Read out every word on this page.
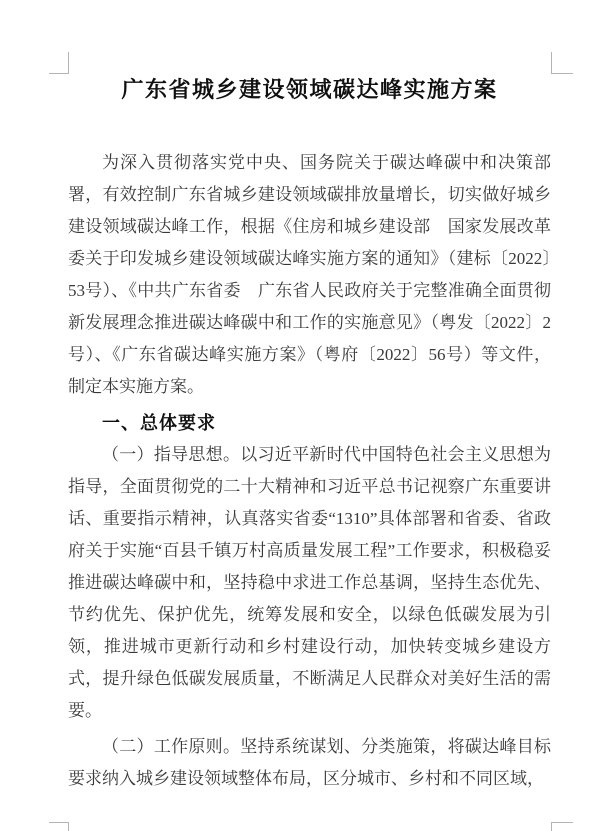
广东省城乡建设领域碳达峰实施方案

为深入贯彻落实党中央、国务院关于碳达峰碳中和决策部署，有效控制广东省城乡建设领域碳排放量增长，切实做好城乡建设领域碳达峰工作，根据《住房和城乡建设部　国家发展改革委关于印发城乡建设领域碳达峰实施方案的通知》（建标〔2022〕53号）、《中共广东省委　广东省人民政府关于完整准确全面贯彻新发展理念推进碳达峰碳中和工作的实施意见》（粤发〔2022〕2号）、《广东省碳达峰实施方案》（粤府〔2022〕56号）等文件，制定本实施方案。

一、总体要求

（一）指导思想。以习近平新时代中国特色社会主义思想为指导，全面贯彻党的二十大精神和习近平总书记视察广东重要讲话、重要指示精神，认真落实省委“1310”具体部署和省委、省政府关于实施“百县千镇万村高质量发展工程”工作要求，积极稳妥推进碳达峰碳中和，坚持稳中求进工作总基调，坚持生态优先、节约优先、保护优先，统筹发展和安全，以绿色低碳发展为引领，推进城市更新行动和乡村建设行动，加快转变城乡建设方式，提升绿色低碳发展质量，不断满足人民群众对美好生活的需要。

（二）工作原则。坚持系统谋划、分类施策，将碳达峰目标要求纳入城乡建设领域整体布局，区分城市、乡村和不同区域，
